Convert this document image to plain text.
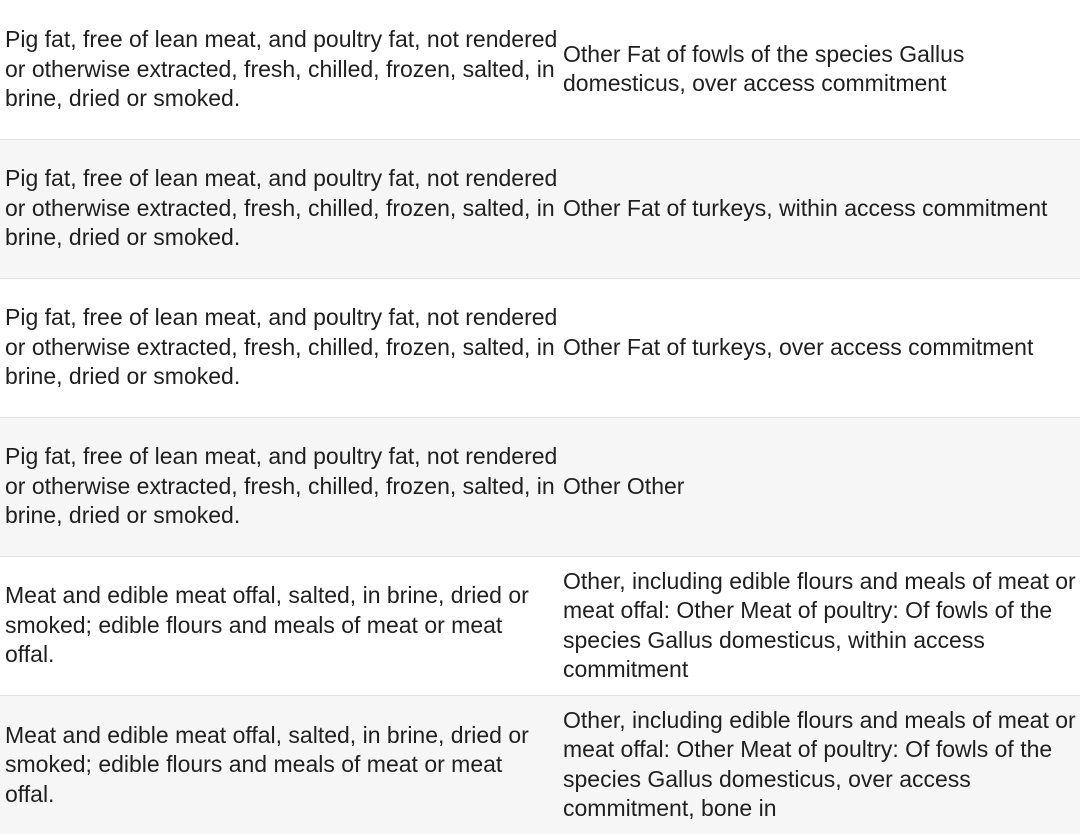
Pig fat, free of lean meat, and poultry fat, not rendered or otherwise extracted, fresh, chilled, frozen, salted, in brine, dried or smoked.	Other Fat of fowls of the species Gallus domesticus, over access commitment
Pig fat, free of lean meat, and poultry fat, not rendered or otherwise extracted, fresh, chilled, frozen, salted, in brine, dried or smoked.	Other Fat of turkeys, within access commitment
Pig fat, free of lean meat, and poultry fat, not rendered or otherwise extracted, fresh, chilled, frozen, salted, in brine, dried or smoked.	Other Fat of turkeys, over access commitment
Pig fat, free of lean meat, and poultry fat, not rendered or otherwise extracted, fresh, chilled, frozen, salted, in brine, dried or smoked.	Other Other
Meat and edible meat offal, salted, in brine, dried or smoked; edible flours and meals of meat or meat offal.	Other, including edible flours and meals of meat or meat offal: Other Meat of poultry: Of fowls of the species Gallus domesticus, within access commitment
Meat and edible meat offal, salted, in brine, dried or smoked; edible flours and meals of meat or meat offal.	Other, including edible flours and meals of meat or meat offal: Other Meat of poultry: Of fowls of the species Gallus domesticus, over access commitment, bone in
